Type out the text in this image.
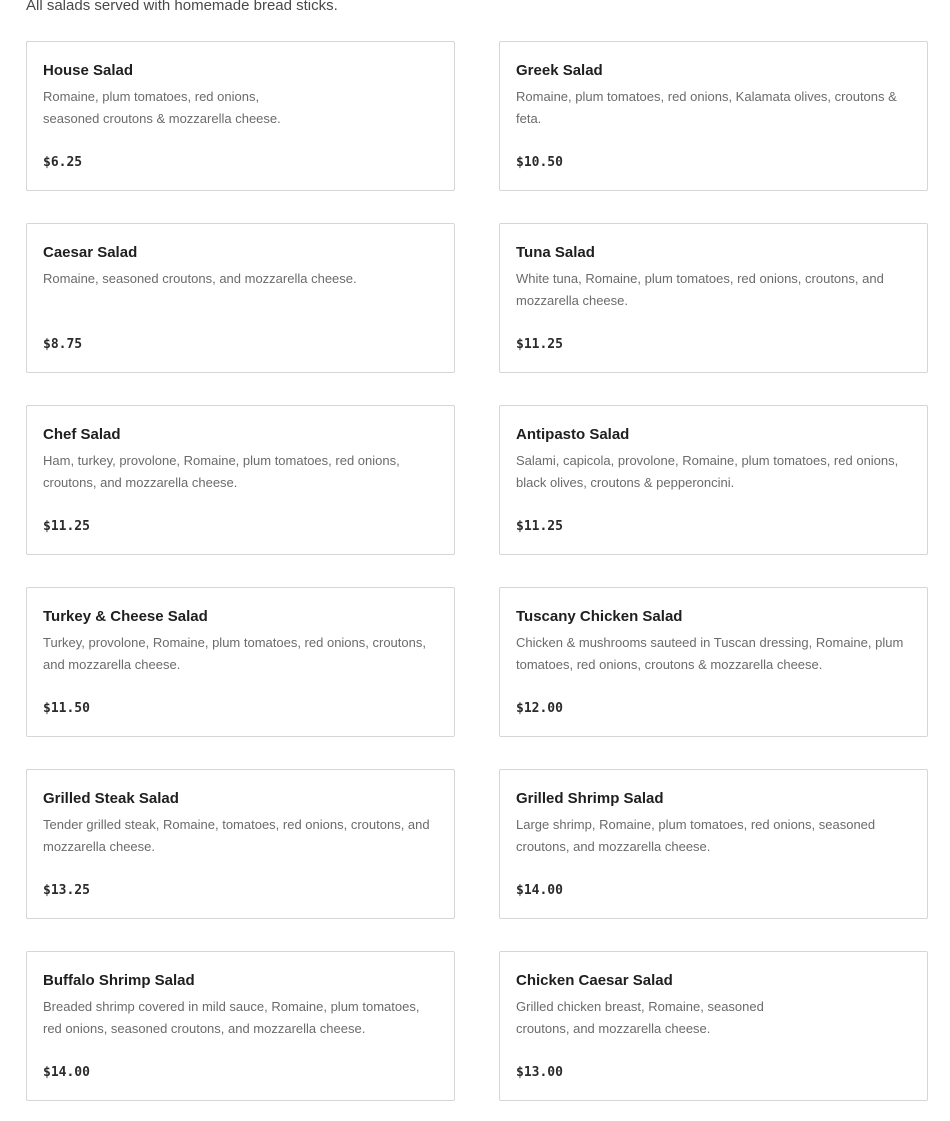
All salads served with homemade bread sticks.

House Salad
Romaine, plum tomatoes, red onions, seasoned croutons & mozzarella cheese.
$6.25
Greek Salad
Romaine, plum tomatoes, red onions, Kalamata olives, croutons & feta.
$10.50
Caesar Salad
Romaine, seasoned croutons, and mozzarella cheese.
$8.75
Tuna Salad
White tuna, Romaine, plum tomatoes, red onions, croutons, and mozzarella cheese.
$11.25
Chef Salad
Ham, turkey, provolone, Romaine, plum tomatoes, red onions, croutons, and mozzarella cheese.
$11.25
Antipasto Salad
Salami, capicola, provolone, Romaine, plum tomatoes, red onions, black olives, croutons & pepperoncini.
$11.25
Turkey & Cheese Salad
Turkey, provolone, Romaine, plum tomatoes, red onions, croutons, and mozzarella cheese.
$11.50
Tuscany Chicken Salad
Chicken & mushrooms sauteed in Tuscan dressing, Romaine, plum tomatoes, red onions, croutons & mozzarella cheese.
$12.00
Grilled Steak Salad
Tender grilled steak, Romaine, tomatoes, red onions, croutons, and mozzarella cheese.
$13.25
Grilled Shrimp Salad
Large shrimp, Romaine, plum tomatoes, red onions, seasoned croutons, and mozzarella cheese.
$14.00
Buffalo Shrimp Salad
Breaded shrimp covered in mild sauce, Romaine, plum tomatoes, red onions, seasoned croutons, and mozzarella cheese.
$14.00
Chicken Caesar Salad
Grilled chicken breast, Romaine, seasoned croutons, and mozzarella cheese.
$13.00
